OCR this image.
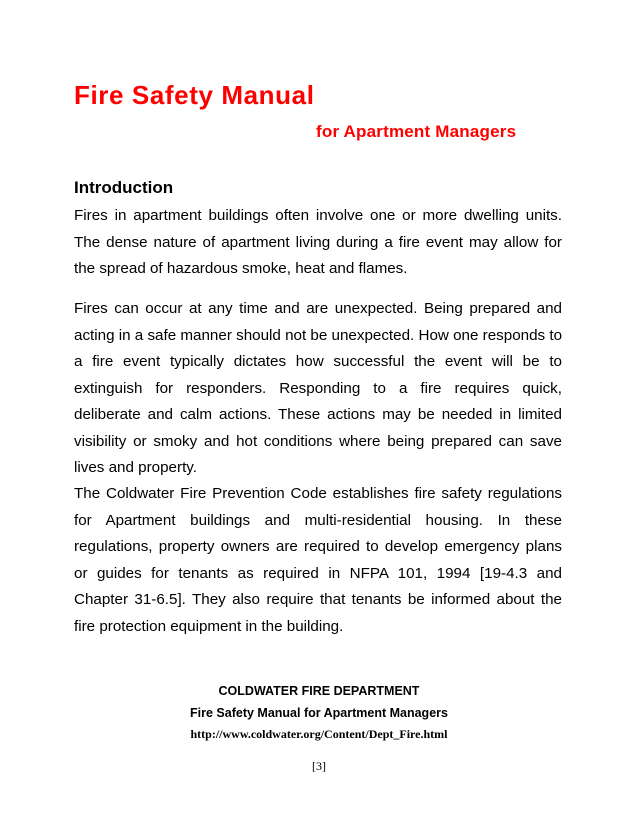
Fire Safety Manual
for Apartment Managers
Introduction

Fires in apartment buildings often involve one or more dwelling units. The dense nature of apartment living during a fire event may allow for the spread of hazardous smoke, heat and flames.

Fires can occur at any time and are unexpected. Being prepared and acting in a safe manner should not be unexpected. How one responds to a fire event typically dictates how successful the event will be to extinguish for responders. Responding to a fire requires quick, deliberate and calm actions. These actions may be needed in limited visibility or smoky and hot conditions where being prepared can save lives and property.

The Coldwater Fire Prevention Code establishes fire safety regulations for Apartment buildings and multi-residential housing. In these regulations, property owners are required to develop emergency plans or guides for tenants as required in NFPA 101, 1994 [19-4.3 and Chapter 31-6.5]. They also require that tenants be informed about the fire protection equipment in the building.

COLDWATER FIRE DEPARTMENT

Fire Safety Manual for Apartment Managers

http://www.coldwater.org/Content/Dept_Fire.html

[3]
